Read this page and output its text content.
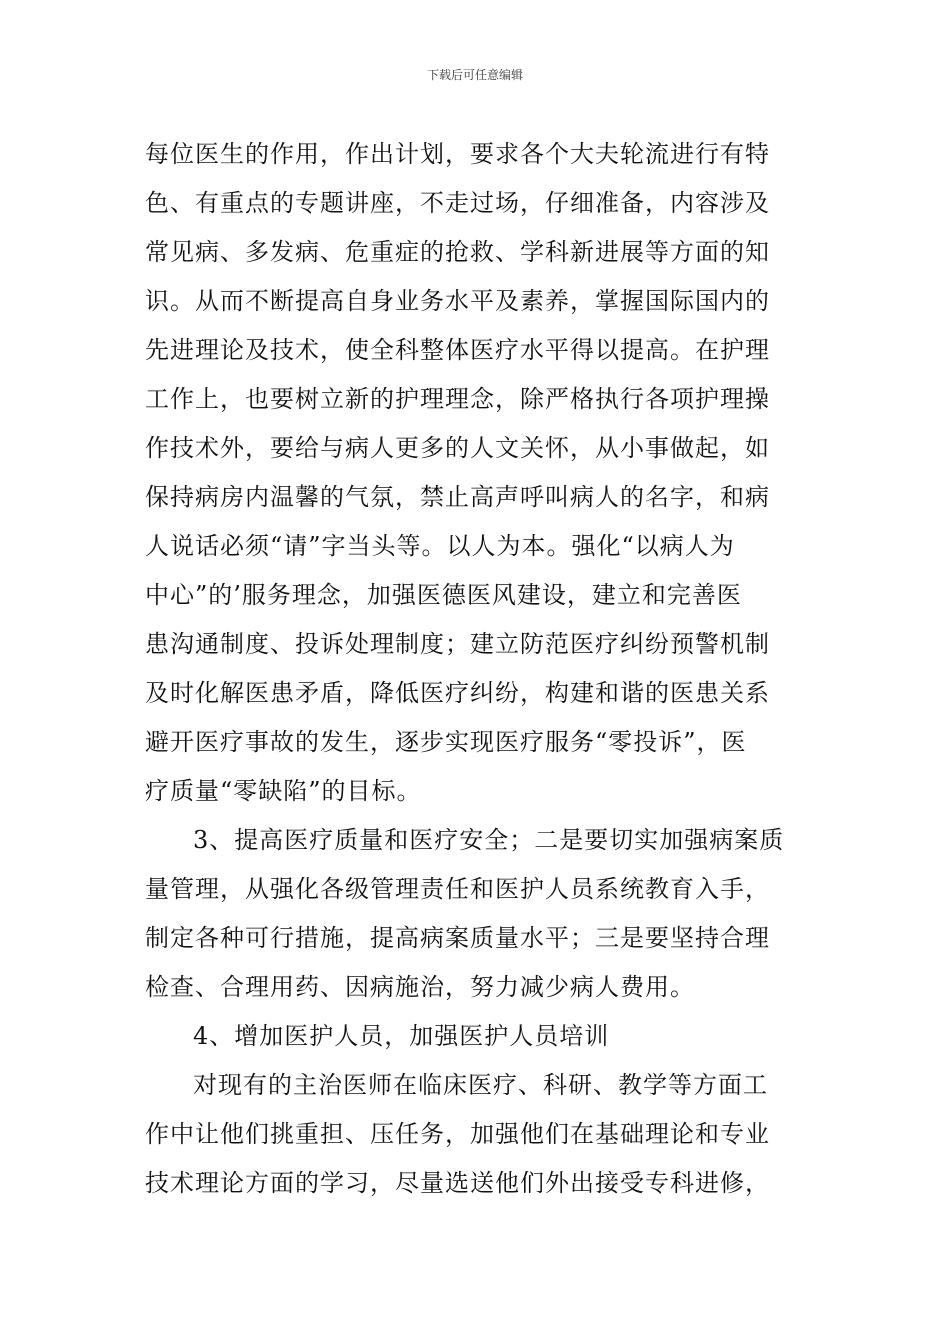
下载后可任意编辑
每位医生的作用，作出计划，要求各个大夫轮流进行有特
色、有重点的专题讲座，不走过场，仔细准备，内容涉及
常见病、多发病、危重症的抢救、学科新进展等方面的知
识。从而不断提高自身业务水平及素养，掌握国际国内的
先进理论及技术，使全科整体医疗水平得以提高。在护理
工作上，也要树立新的护理理念，除严格执行各项护理操
作技术外，要给与病人更多的人文关怀，从小事做起，如
保持病房内温馨的气氛，禁止高声呼叫病人的名字，和病
人说话必须“请”字当头等。以人为本。强化“以病人为
中心”的’服务理念，加强医德医风建设，建立和完善医
患沟通制度、投诉处理制度；建立防范医疗纠纷预警机制
及时化解医患矛盾，降低医疗纠纷，构建和谐的医患关系
避开医疗事故的发生，逐步实现医疗服务“零投诉”，医
疗质量“零缺陷”的目标。
3、提高医疗质量和医疗安全；二是要切实加强病案质
量管理，从强化各级管理责任和医护人员系统教育入手，
制定各种可行措施，提高病案质量水平；三是要坚持合理
检查、合理用药、因病施治，努力减少病人费用。
4、增加医护人员，加强医护人员培训
对现有的主治医师在临床医疗、科研、教学等方面工
作中让他们挑重担、压任务，加强他们在基础理论和专业
技术理论方面的学习，尽量选送他们外出接受专科进修，
